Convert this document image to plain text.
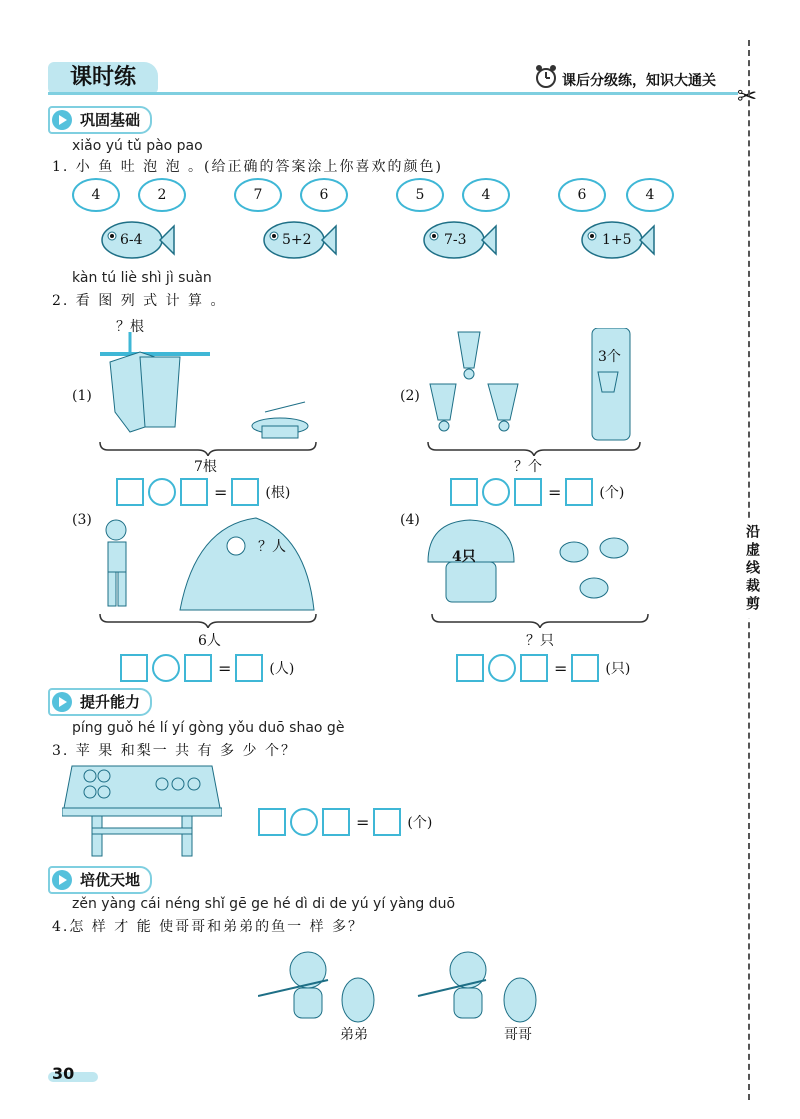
课时练	课后分级练，知识大通关
✂
沿虚线裁剪
巩固基础
xiǎo yú tǔ pào pao
1. 小 鱼 吐 泡 泡 。(给正确的答案涂上你喜欢的颜色)
4	2	7	6	5	4	6	4
6-4	5+2	7-3	1+5
kàn tú liè shì jì suàn
2. 看 图 列 式 计 算 。
(1)
？根
7根
=	(根)
(2)
3个
？个
=	(个)
(3)
？人
6人
=	(人)
(4)
4只
？只
=	(只)
提升能力
píng guǒ hé lí yí gòng yǒu duō shao gè
3. 苹 果 和梨一 共 有 多 少 个？
=	(个)
培优天地
zěn yàng cái néng shǐ gē ge hé dì di de yú yí yàng duō
4.怎 样 才 能 使哥哥和弟弟的鱼一 样 多？
弟弟	哥哥
30
